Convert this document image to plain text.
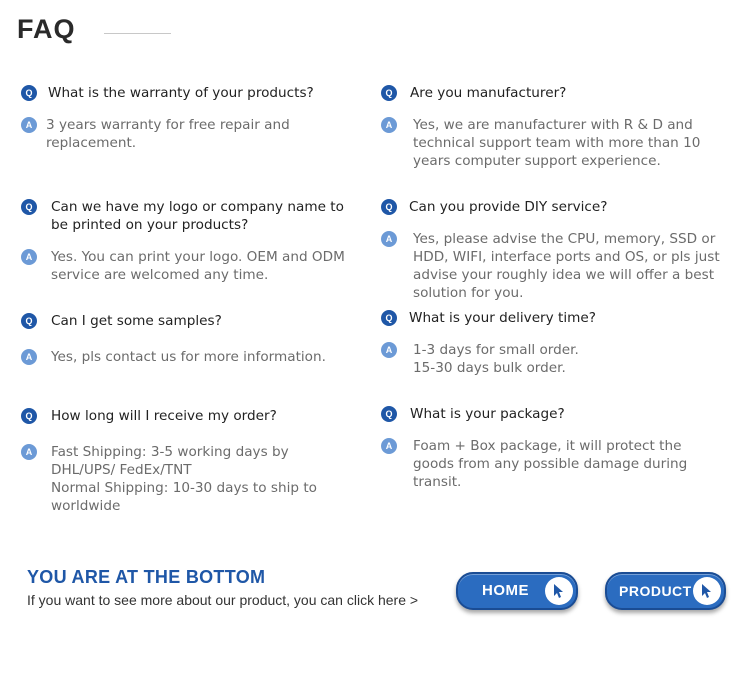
FAQ
Q	What is the warranty of your products?
A	3 years warranty for free repair and replacement.
Q	Are you manufacturer?
A	Yes, we are manufacturer with R & D and technical support team with more than 10 years computer support experience.
Q	Can we have my logo or company name to be printed on your products?
A	Yes. You can print your logo. OEM and ODM service are welcomed any time.
Q	Can you provide DIY service?
A	Yes, please advise the CPU, memory, SSD or HDD, WIFI, interface ports and OS, or pls just advise your roughly idea we will offer a best solution for you.
Q	Can I get some samples?
A	Yes, pls contact us for more information.
Q	What is your delivery time?
A	1-3 days for small order.
15-30 days bulk order.
Q	How long will I receive my order?
A	Fast Shipping: 3-5 working days by DHL/UPS/ FedEx/TNT
Normal Shipping: 10-30 days to ship to worldwide
Q	What is your package?
A	Foam + Box package, it will protect the goods from any possible damage during transit.
YOU ARE AT THE BOTTOM
If you want to see more about our product, you can click here >
HOME	PRODUCT
